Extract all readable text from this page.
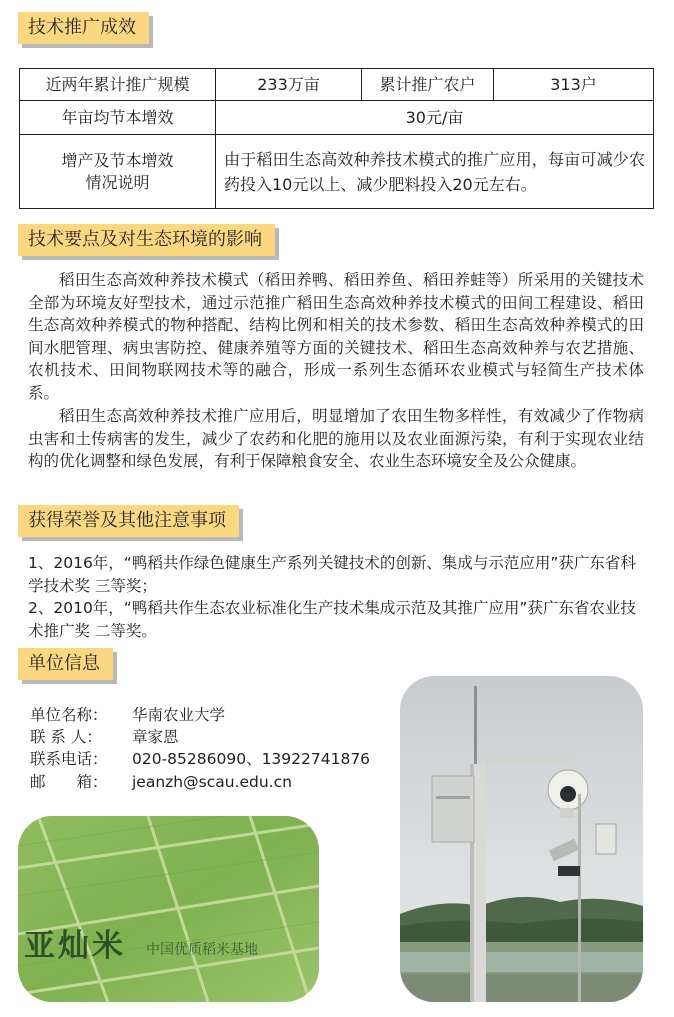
技术推广成效
近两年累计推广规模	233万亩	累计推广农户	313户
年亩均节本增效	30元/亩		

增产及节本增效
情况说明	由于稻田生态高效种养技术模式的推广应用，每亩可减少农药投入10元以上、减少肥料投入20元左右。		
技术要点及对生态环境的影响

稻田生态高效种养技术模式（稻田养鸭、稻田养鱼、稻田养蛙等）所采用的关键技术全部为环境友好型技术，通过示范推广稻田生态高效种养技术模式的田间工程建设、稻田生态高效种养模式的物种搭配、结构比例和相关的技术参数、稻田生态高效种养模式的田间水肥管理、病虫害防控、健康养殖等方面的关键技术、稻田生态高效种养与农艺措施、农机技术、田间物联网技术等的融合，形成一系列生态循环农业模式与轻简生产技术体系。

稻田生态高效种养技术推广应用后，明显增加了农田生物多样性，有效减少了作物病虫害和土传病害的发生，减少了农药和化肥的施用以及农业面源污染，有利于实现农业结构的优化调整和绿色发展，有利于保障粮食安全、农业生态环境安全及公众健康。

获得荣誉及其他注意事项
1、2016年，“鸭稻共作绿色健康生产系列关键技术的创新、集成与示范应用”获广东省科学技术奖 三等奖；
2、2010年，“鸭稻共作生态农业标准化生产技术集成示范及其推广应用”获广东省农业技术推广奖 二等奖。
单位信息
单位名称：	华南农业大学
联 系 人：	章家恩
联系电话：	020-85286090、13922741876
邮　　箱：	jeanzh@scau.edu.cn
亚灿米 中国优质稻米基地
